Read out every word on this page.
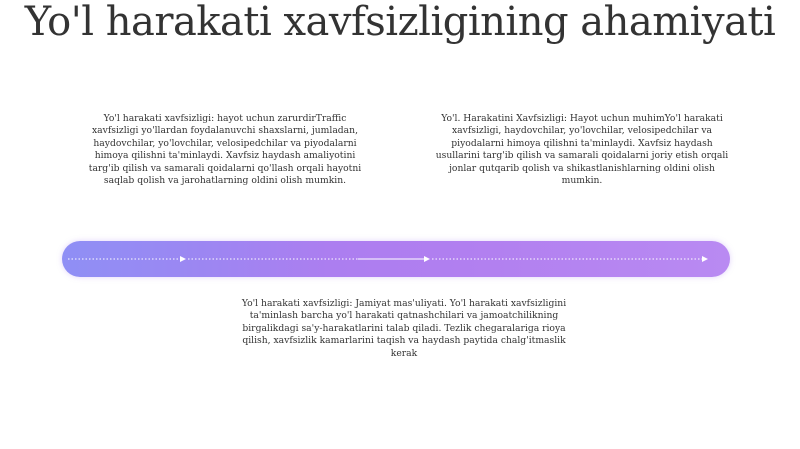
Yo'l harakati xavfsizligining ahamiyati

Yo'l harakati xavfsizligi: hayot uchun zarurdirTraffic xavfsizligi yo'llardan foydalanuvchi shaxslarni, jumladan, haydovchilar, yo'lovchilar, velosipedchilar va piyodalarni himoya qilishni ta'minlaydi. Xavfsiz haydash amaliyotini targ'ib qilish va samarali qoidalarni qo'llash orqali hayotni saqlab qolish va jarohatlarning oldini olish mumkin.

Yo'l. Harakatini Xavfsizligi: Hayot uchun muhimYo'l harakati xavfsizligi, haydovchilar, yo'lovchilar, velosipedchilar va piyodalarni himoya qilishni ta'minlaydi. Xavfsiz haydash usullarini targ'ib qilish va samarali qoidalarni joriy etish orqali jonlar qutqarib qolish va shikastlanishlarning oldini olish mumkin.

Yo'l harakati xavfsizligi: Jamiyat mas'uliyati. Yo'l harakati xavfsizligini ta'minlash barcha yo'l harakati qatnashchilari va jamoatchilikning birgalikdagi sa'y-harakatlarini talab qiladi. Tezlik chegaralariga rioya qilish, xavfsizlik kamarlarini taqish va haydash paytida chalg'itmaslik kerak
